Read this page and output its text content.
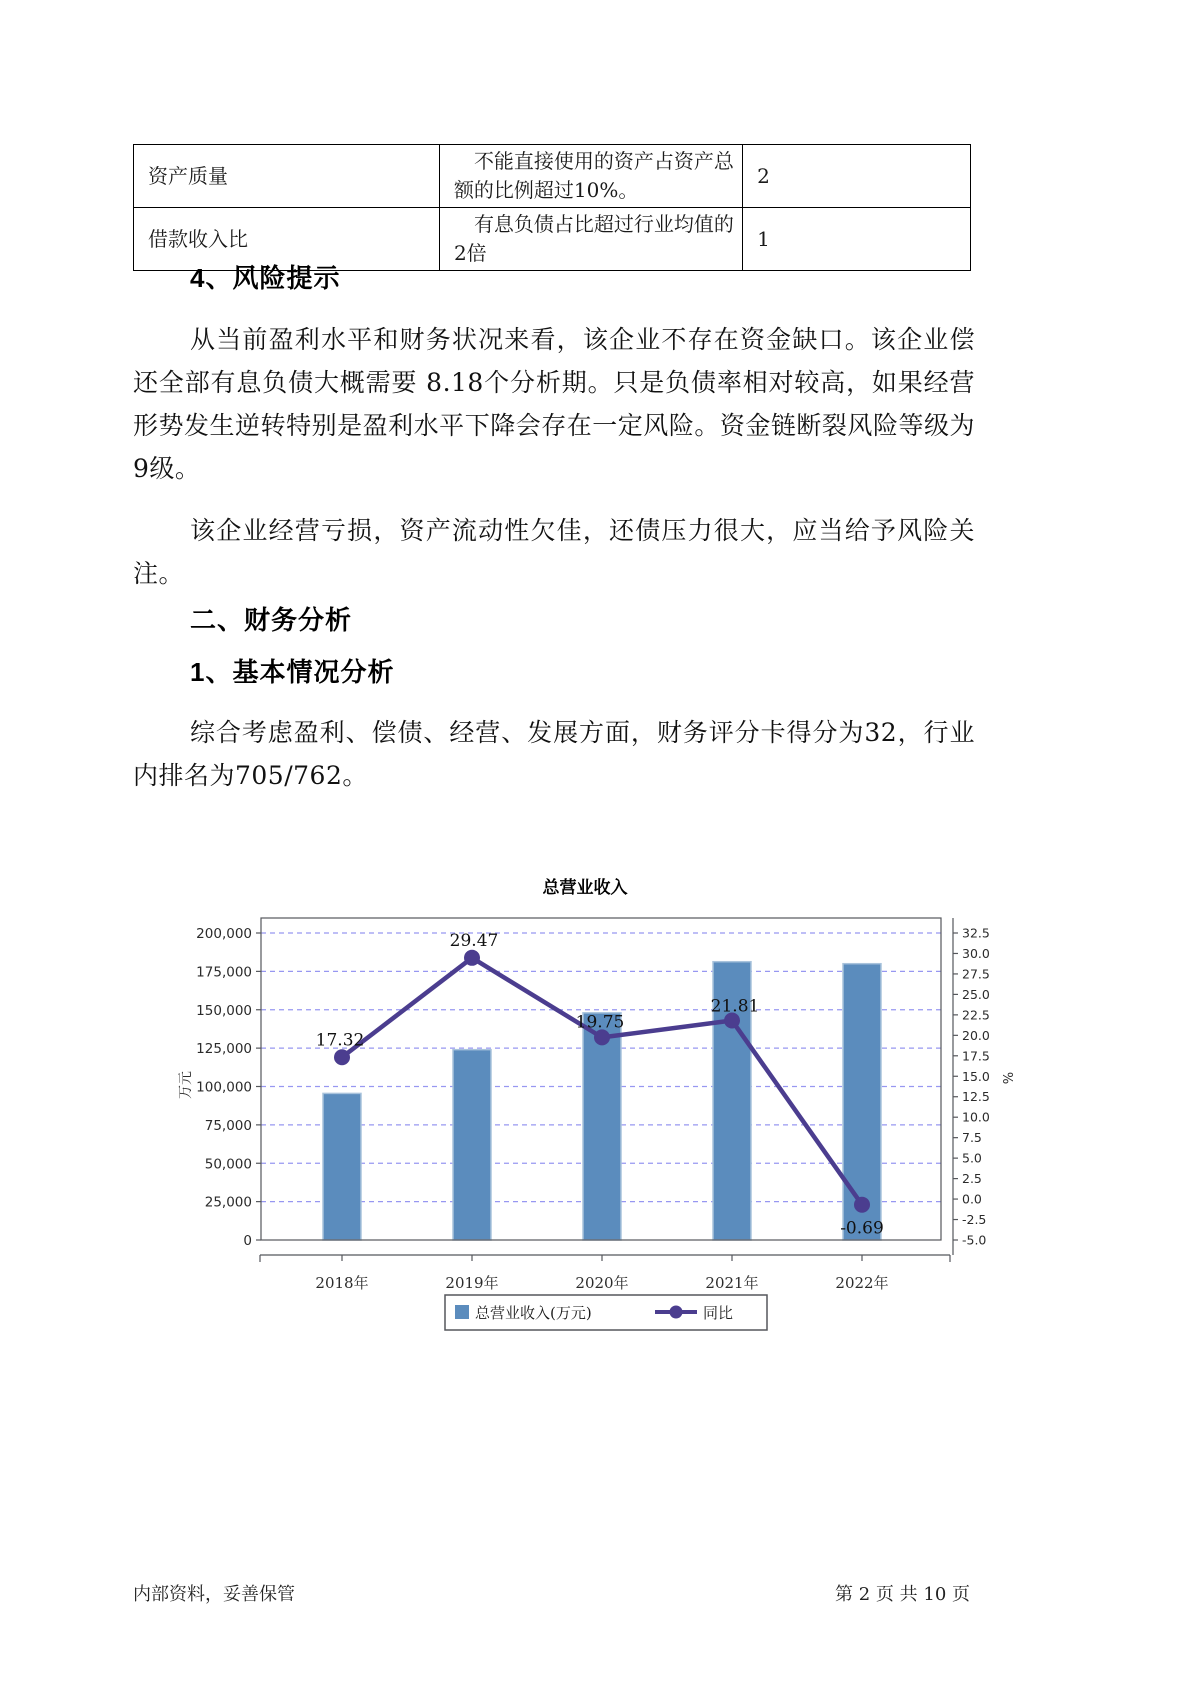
资产质量	不能直接使用的资产占资产总额的比例超过10%。	2
借款收入比	有息负债占比超过行业均值的2倍	1
4、风险提示

从当前盈利水平和财务状况来看，该企业不存在资金缺口。该企业偿还全部有息负债大概需要 8.18个分析期。只是负债率相对较高，如果经营形势发生逆转特别是盈利水平下降会存在一定风险。资金链断裂风险等级为9级。

该企业经营亏损，资产流动性欠佳，还债压力很大，应当给予风险关注。

二、财务分析
1、基本情况分析

综合考虑盈利、偿债、经营、发展方面，财务评分卡得分为32，行业内排名为705/762。

0
25,000
50,000
75,000
100,000
125,000
150,000
175,000
200,000
-5.0
-2.5
0.0
2.5
5.0
7.5
10.0
12.5
15.0
17.5
20.0
22.5
25.0
27.5
30.0
32.5
2018年	2019年	2020年	2021年	2022年
17.32
29.47
19.75
21.81
-0.69
总营业收入
万元	%
总营业收入(万元)	同比
内部资料，妥善保管	第 2 页 共 10 页
